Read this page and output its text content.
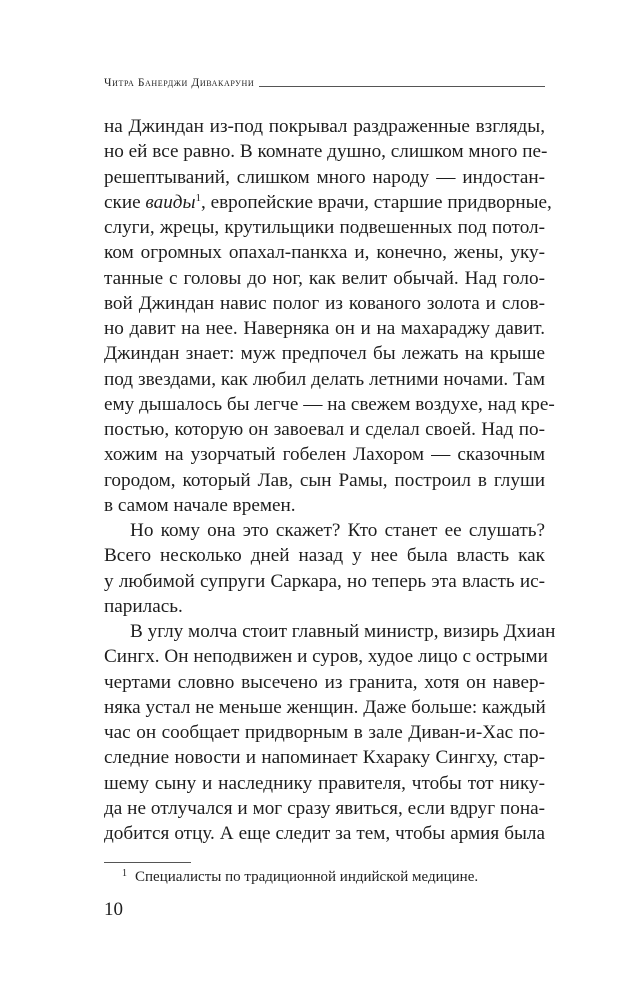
Читра Банерджи Дивакаруни
на Джиндан из-под покрывал раздраженные взгляды,
но ей все равно. В комнате душно, слишком много пе-
решептываний, слишком много народу — индостан-
ские ваиды$^1$, европейские врачи, старшие придворные,
слуги, жрецы, крутильщики подвешенных под потол-
ком огромных опахал-панкха и, конечно, жены, уку-
танные с головы до ног, как велит обычай. Над голо-
вой Джиндан навис полог из кованого золота и слов-
но давит на нее. Наверняка он и на махараджу давит.
Джиндан знает: муж предпочел бы лежать на крыше
под звездами, как любил делать летними ночами. Там
ему дышалось бы легче — на свежем воздухе, над кре-
постью, которую он завоевал и сделал своей. Над по-
хожим на узорчатый гобелен Лахором — сказочным
городом, который Лав, сын Рамы, построил в глуши
в самом начале времен.
Но кому она это скажет? Кто станет ее слушать?
Всего несколько дней назад у нее была власть как
у любимой супруги Саркара, но теперь эта власть ис-
парилась.
В углу молча стоит главный министр, визирь Дхиан
Сингх. Он неподвижен и суров, худое лицо с острыми
чертами словно высечено из гранита, хотя он навер-
няка устал не меньше женщин. Даже больше: каждый
час он сообщает придворным в зале Диван-и-Хас по-
следние новости и напоминает Кхараку Сингху, стар-
шему сыну и наследнику правителя, чтобы тот нику-
да не отлучался и мог сразу явиться, если вдруг пона-
добится отцу. А еще следит за тем, чтобы армия была
$^1$ Специалисты по традиционной индийской медицине.
10
